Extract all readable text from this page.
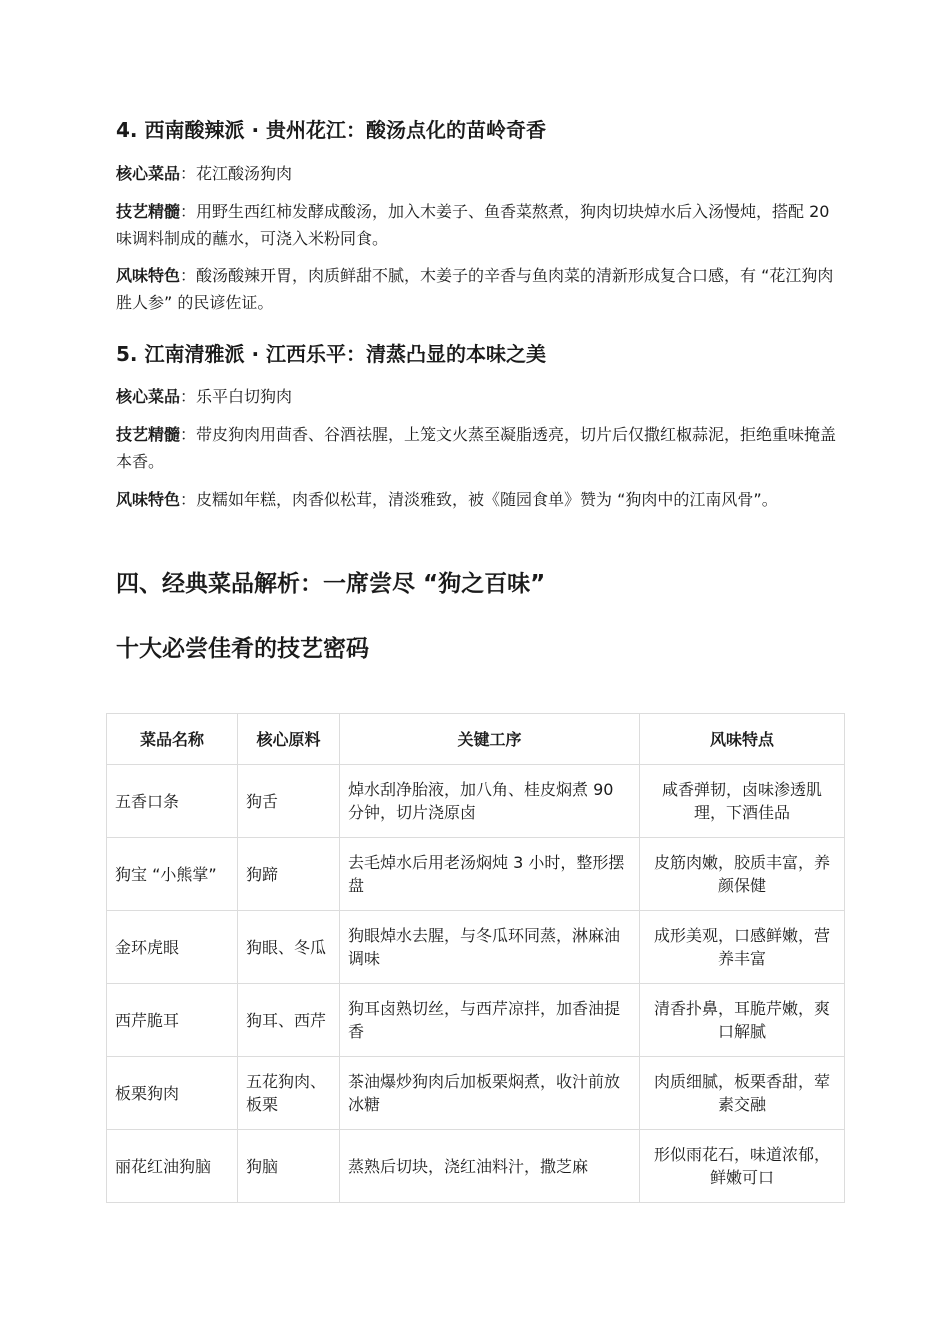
4. 西南酸辣派 · 贵州花江：酸汤点化的苗岭奇香

核心菜品：花江酸汤狗肉

技艺精髓：用野生西红柿发酵成酸汤，加入木姜子、鱼香菜熬煮，狗肉切块焯水后入汤慢炖，搭配 20 味调料制成的蘸水，可浇入米粉同食。

风味特色：酸汤酸辣开胃，肉质鲜甜不腻，木姜子的辛香与鱼肉菜的清新形成复合口感，有 “花江狗肉胜人参” 的民谚佐证。

5. 江南清雅派 · 江西乐平：清蒸凸显的本味之美

核心菜品：乐平白切狗肉

技艺精髓：带皮狗肉用茴香、谷酒祛腥，上笼文火蒸至凝脂透亮，切片后仅撒红椒蒜泥，拒绝重味掩盖本香。

风味特色：皮糯如年糕，肉香似松茸，清淡雅致，被《随园食单》赞为 “狗肉中的江南风骨”。

四、经典菜品解析：一席尝尽 “狗之百味”
十大必尝佳肴的技艺密码
菜品名称	核心原料	关键工序	风味特点
五香口条	狗舌	焯水刮净胎液，加八角、桂皮焖煮 90 分钟，切片浇原卤	咸香弹韧，卤味渗透肌理，下酒佳品
狗宝 “小熊掌”	狗蹄	去毛焯水后用老汤焖炖 3 小时，整形摆盘	皮筋肉嫩，胶质丰富，养颜保健
金环虎眼	狗眼、冬瓜	狗眼焯水去腥，与冬瓜环同蒸，淋麻油调味	成形美观，口感鲜嫩，营养丰富
西芹脆耳	狗耳、西芹	狗耳卤熟切丝，与西芹凉拌，加香油提香	清香扑鼻，耳脆芹嫩，爽口解腻
板栗狗肉	五花狗肉、板栗	茶油爆炒狗肉后加板栗焖煮，收汁前放冰糖	肉质细腻，板栗香甜，荤素交融
丽花红油狗脑	狗脑	蒸熟后切块，浇红油料汁，撒芝麻	形似雨花石，味道浓郁，鲜嫩可口
